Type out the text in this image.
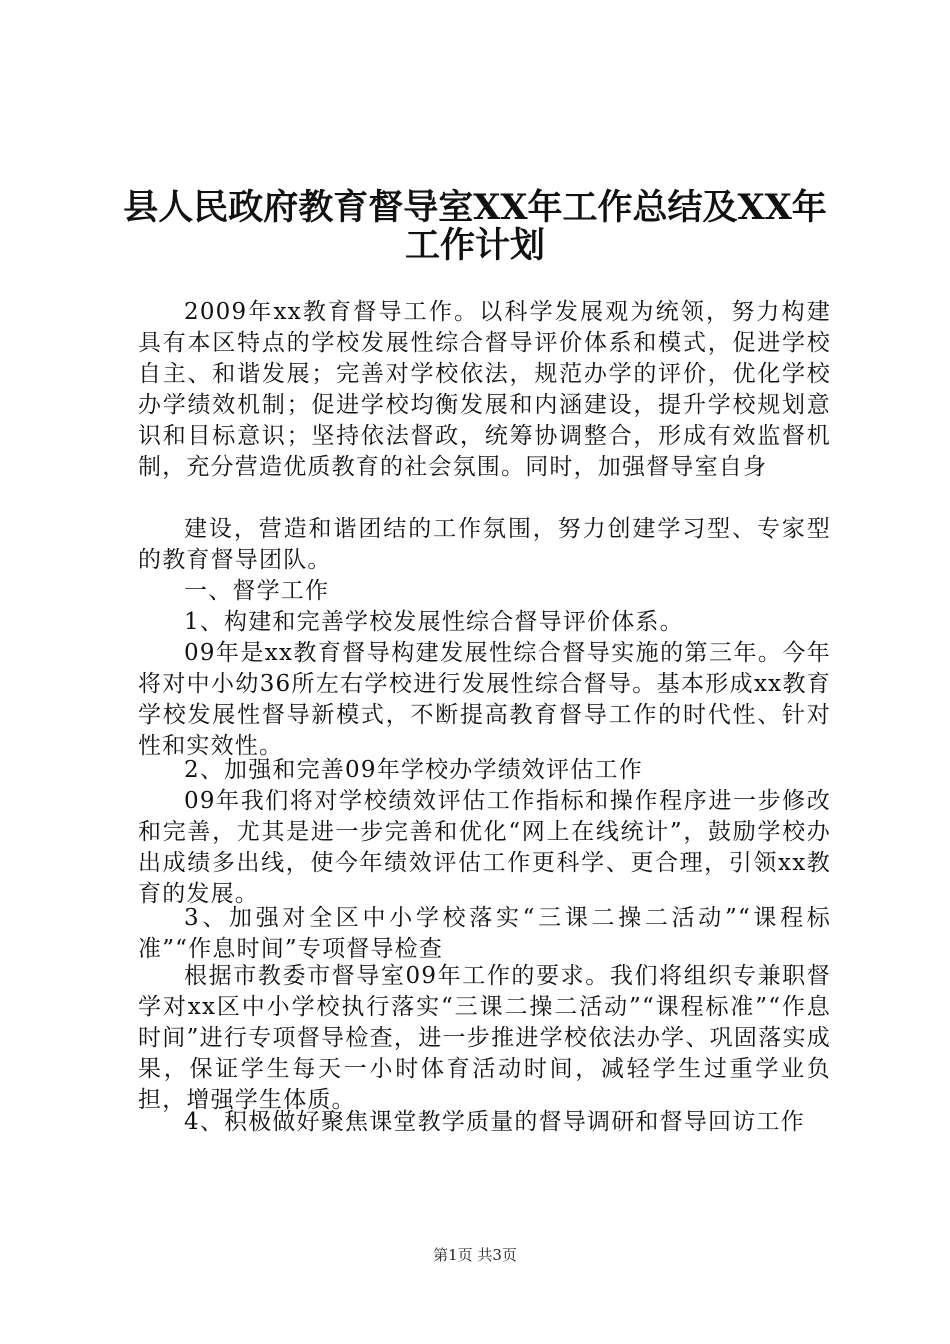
县人民政府教育督导室XX年工作总结及XX年
工作计划

2009年xx教育督导工作。以科学发展观为统领，努力构建具有本区特点的学校发展性综合督导评价体系和模式，促进学校自主、和谐发展；完善对学校依法，规范办学的评价，优化学校办学绩效机制；促进学校均衡发展和内涵建设，提升学校规划意识和目标意识；坚持依法督政，统筹协调整合，形成有效监督机制，充分营造优质教育的社会氛围。同时，加强督导室自身

建设，营造和谐团结的工作氛围，努力创建学习型、专家型的教育督导团队。

一、督学工作

1、构建和完善学校发展性综合督导评价体系。

09年是xx教育督导构建发展性综合督导实施的第三年。今年将对中小幼36所左右学校进行发展性综合督导。基本形成xx教育学校发展性督导新模式，不断提高教育督导工作的时代性、针对性和实效性。

2、加强和完善09年学校办学绩效评估工作

09年我们将对学校绩效评估工作指标和操作程序进一步修改和完善，尤其是进一步完善和优化“网上在线统计”，鼓励学校办出成绩多出线，使今年绩效评估工作更科学、更合理，引领xx教育的发展。

3、加强对全区中小学校落实“三课二操二活动”“课程标准”“作息时间”专项督导检查

根据市教委市督导室09年工作的要求。我们将组织专兼职督学对xx区中小学校执行落实“三课二操二活动”“课程标准”“作息时间”进行专项督导检查，进一步推进学校依法办学、巩固落实成果，保证学生每天一小时体育活动时间，减轻学生过重学业负担，增强学生体质。

4、积极做好聚焦课堂教学质量的督导调研和督导回访工作

第1页 共3页
